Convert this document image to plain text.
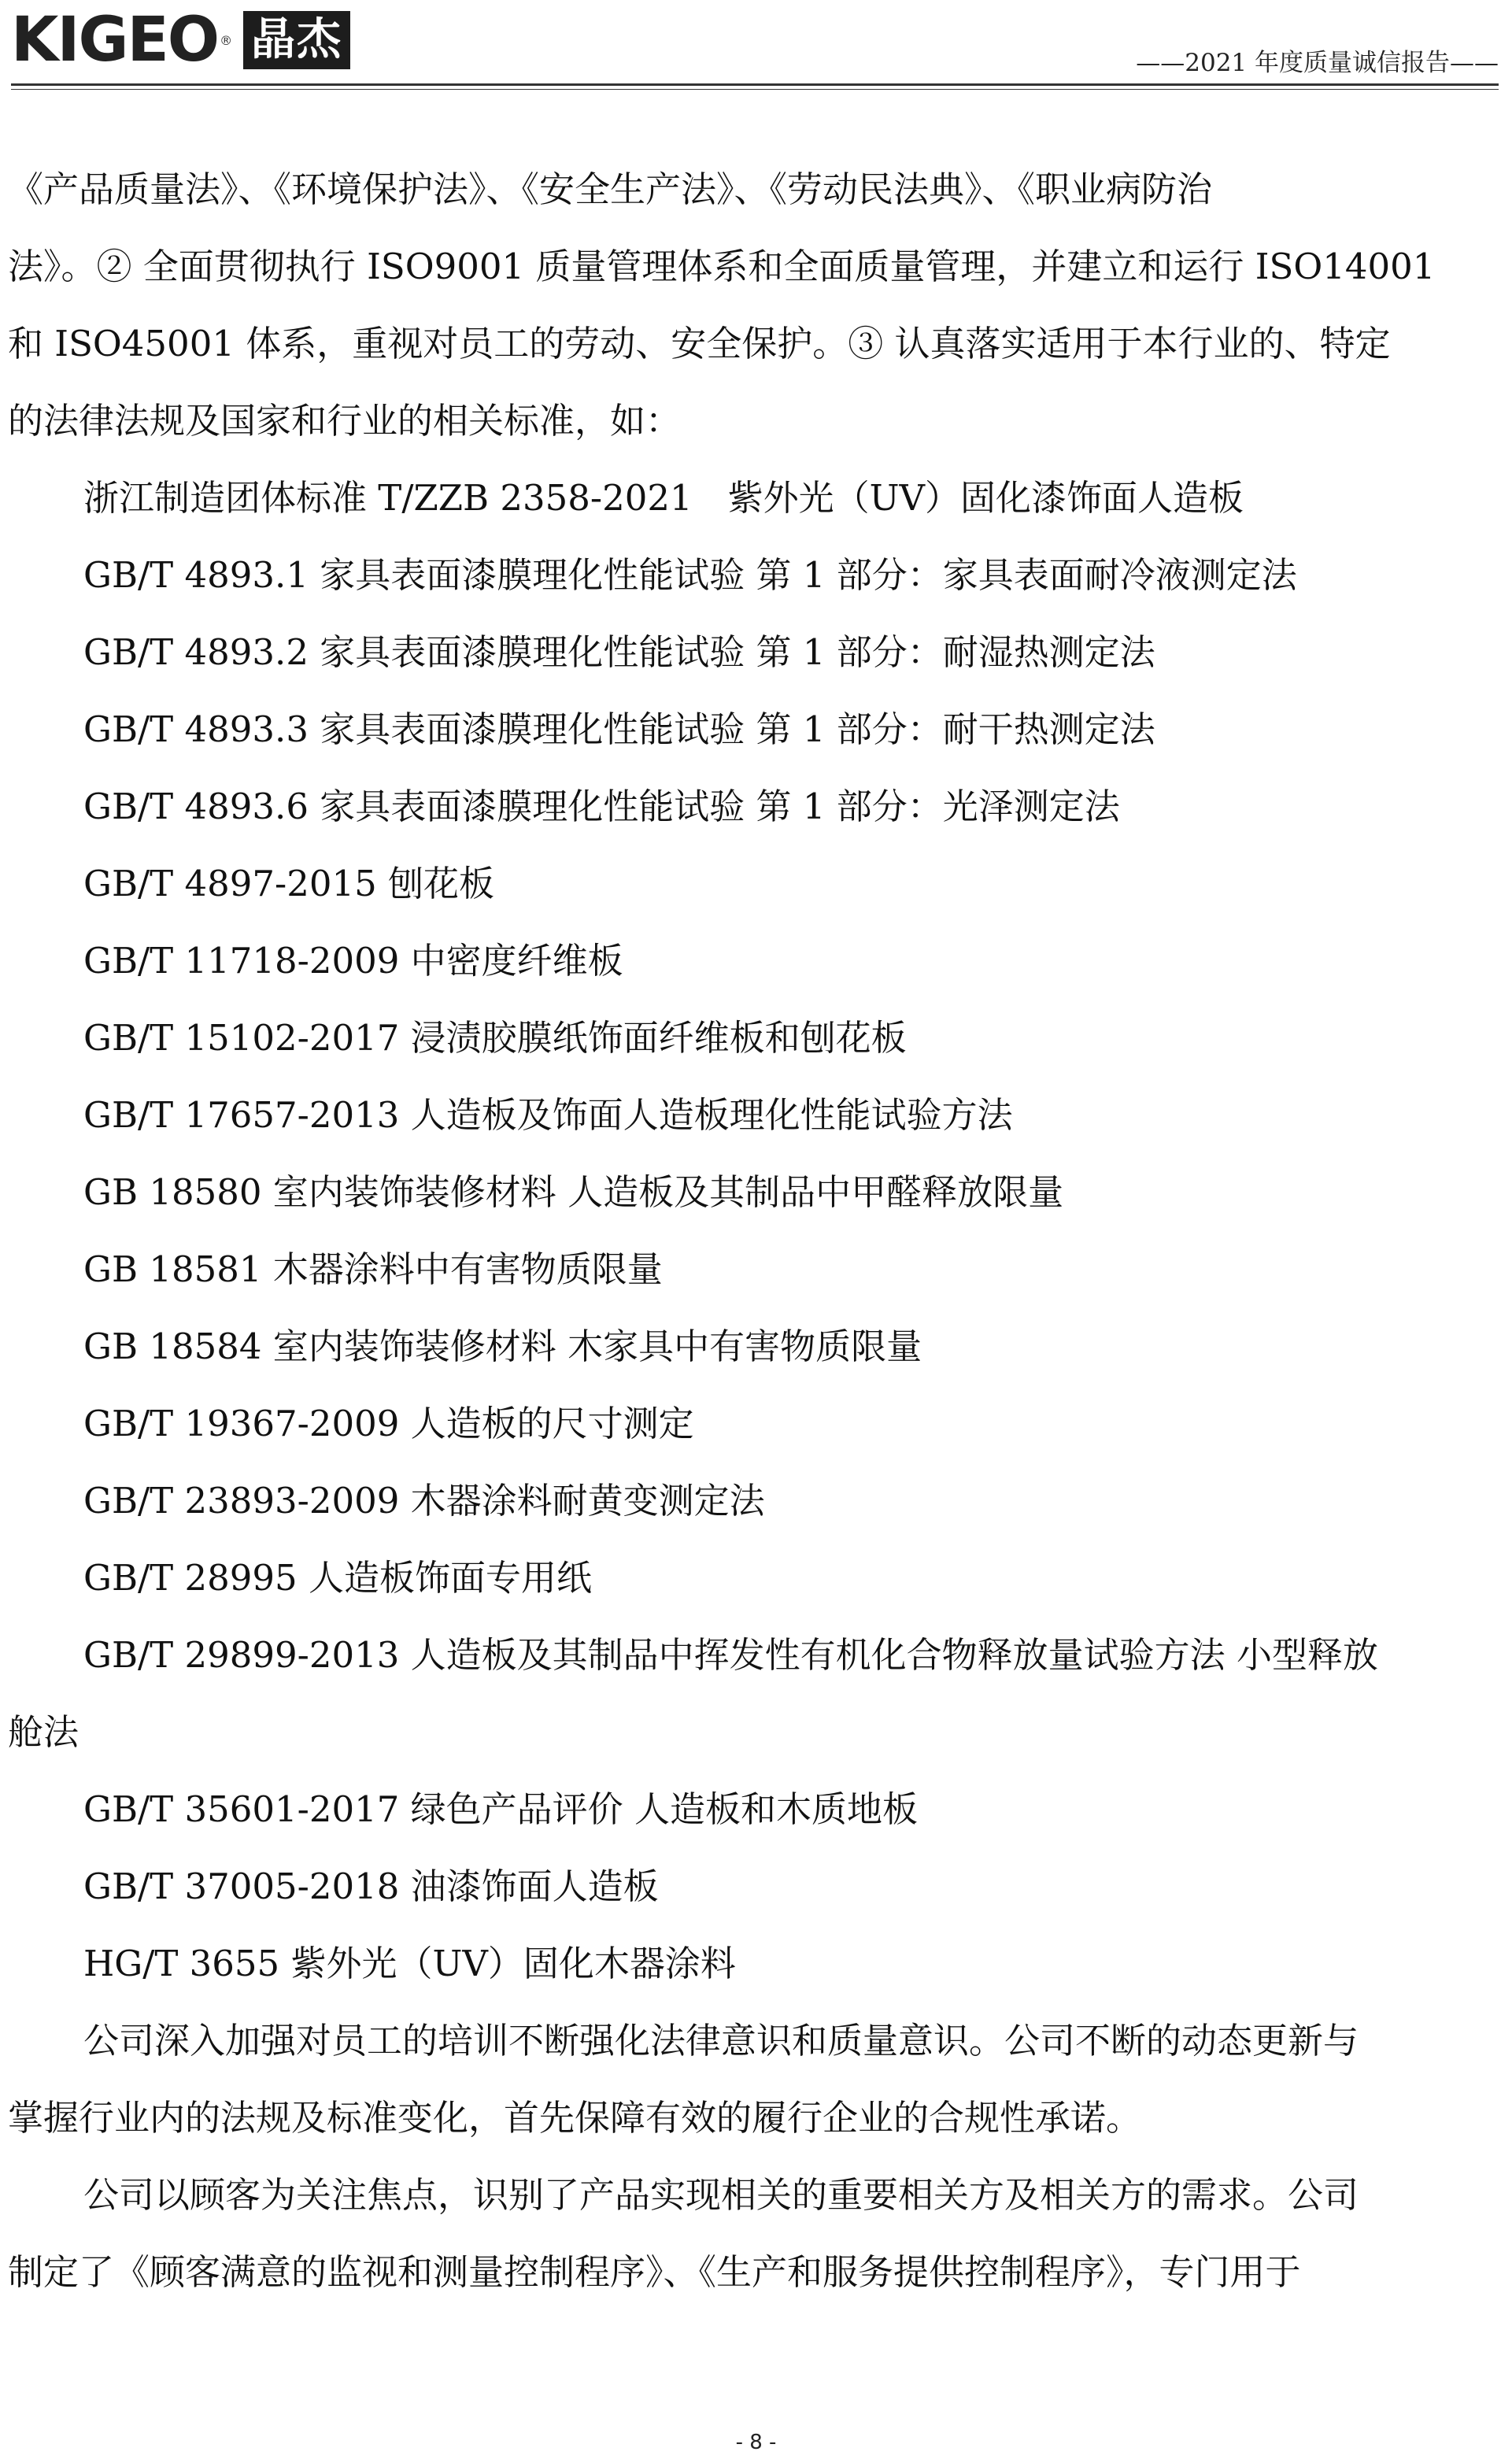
KIGEO ® 晶杰	——2021 年度质量诚信报告——

《产品质量法》、《环境保护法》、《安全生产法》、《劳动民法典》、《职业病防治

法》。② 全面贯彻执行 ISO9001 质量管理体系和全面质量管理，并建立和运行 ISO14001

和 ISO45001 体系，重视对员工的劳动、安全保护。③ 认真落实适用于本行业的、特定

的法律法规及国家和行业的相关标准，如：

浙江制造团体标准 T/ZZB 2358-2021　紫外光（UV）固化漆饰面人造板

GB/T 4893.1 家具表面漆膜理化性能试验 第 1 部分：家具表面耐冷液测定法

GB/T 4893.2 家具表面漆膜理化性能试验 第 1 部分：耐湿热测定法

GB/T 4893.3 家具表面漆膜理化性能试验 第 1 部分：耐干热测定法

GB/T 4893.6 家具表面漆膜理化性能试验 第 1 部分：光泽测定法

GB/T 4897-2015 刨花板

GB/T 11718-2009 中密度纤维板

GB/T 15102-2017 浸渍胶膜纸饰面纤维板和刨花板

GB/T 17657-2013 人造板及饰面人造板理化性能试验方法

GB 18580 室内装饰装修材料 人造板及其制品中甲醛释放限量

GB 18581 木器涂料中有害物质限量

GB 18584 室内装饰装修材料 木家具中有害物质限量

GB/T 19367-2009 人造板的尺寸测定

GB/T 23893-2009 木器涂料耐黄变测定法

GB/T 28995 人造板饰面专用纸

GB/T 29899-2013 人造板及其制品中挥发性有机化合物释放量试验方法 小型释放

舱法

GB/T 35601-2017 绿色产品评价 人造板和木质地板

GB/T 37005-2018 油漆饰面人造板

HG/T 3655 紫外光（UV）固化木器涂料

公司深入加强对员工的培训不断强化法律意识和质量意识。公司不断的动态更新与

掌握行业内的法规及标准变化，首先保障有效的履行企业的合规性承诺。

公司以顾客为关注焦点，识别了产品实现相关的重要相关方及相关方的需求。公司

制定了《顾客满意的监视和测量控制程序》、《生产和服务提供控制程序》，专门用于

- 8 -
